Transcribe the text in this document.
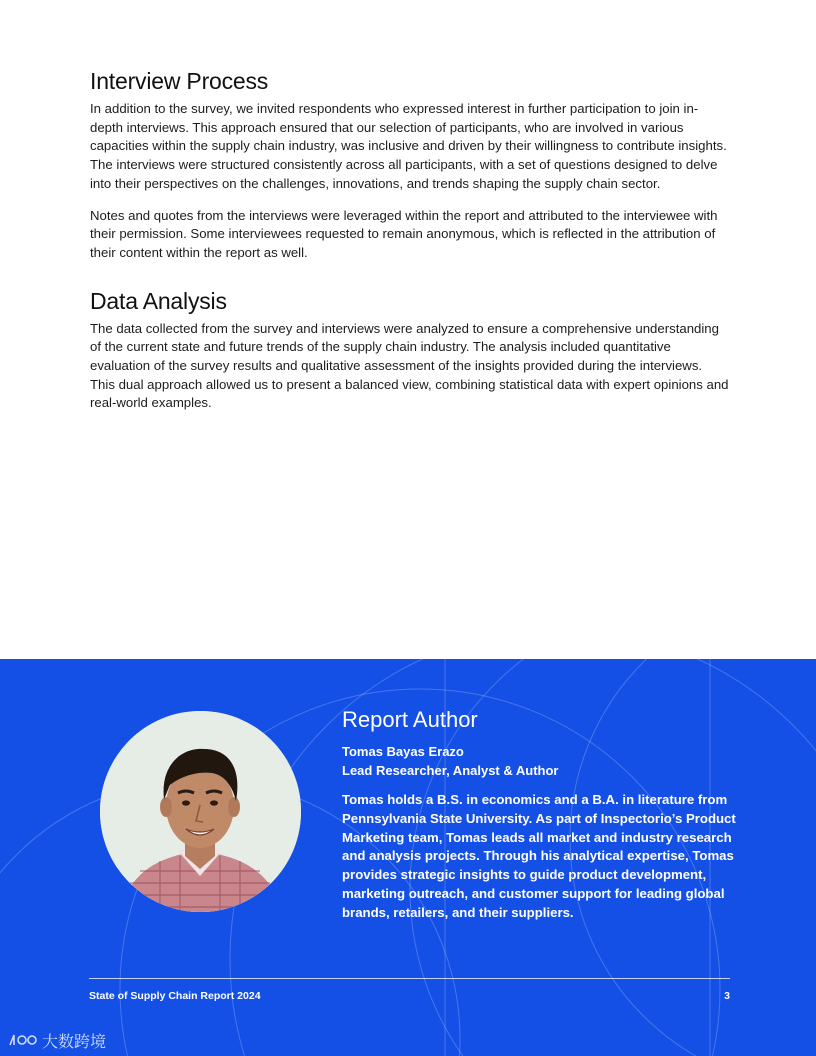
Interview Process

In addition to the survey, we invited respondents who expressed interest in further participation to join in-depth interviews. This approach ensured that our selection of participants, who are involved in various capacities within the supply chain industry, was inclusive and driven by their willingness to contribute insights. The interviews were structured consistently across all participants, with a set of questions designed to delve into their perspectives on the challenges, innovations, and trends shaping the supply chain sector.

Notes and quotes from the interviews were leveraged within the report and attributed to the interviewee with their permission. Some interviewees requested to remain anonymous, which is reflected in the attribution of their content within the report as well.

Data Analysis

The data collected from the survey and interviews were analyzed to ensure a comprehensive understanding of the current state and future trends of the supply chain industry. The analysis included quantitative evaluation of the survey results and qualitative assessment of the insights provided during the interviews. This dual approach allowed us to present a balanced view, combining statistical data with expert opinions and real-world examples.

Report Author

Tomas Bayas Erazo

Lead Researcher, Analyst & Author

Tomas holds a B.S. in economics and a B.A. in literature from Pennsylvania State University. As part of Inspectorio’s Product Marketing team, Tomas leads all market and industry research and analysis projects. Through his analytical expertise, Tomas provides strategic insights to guide product development, marketing outreach, and customer support for leading global brands, retailers, and their suppliers.

State of Supply Chain Report 2024	3
大数跨境
